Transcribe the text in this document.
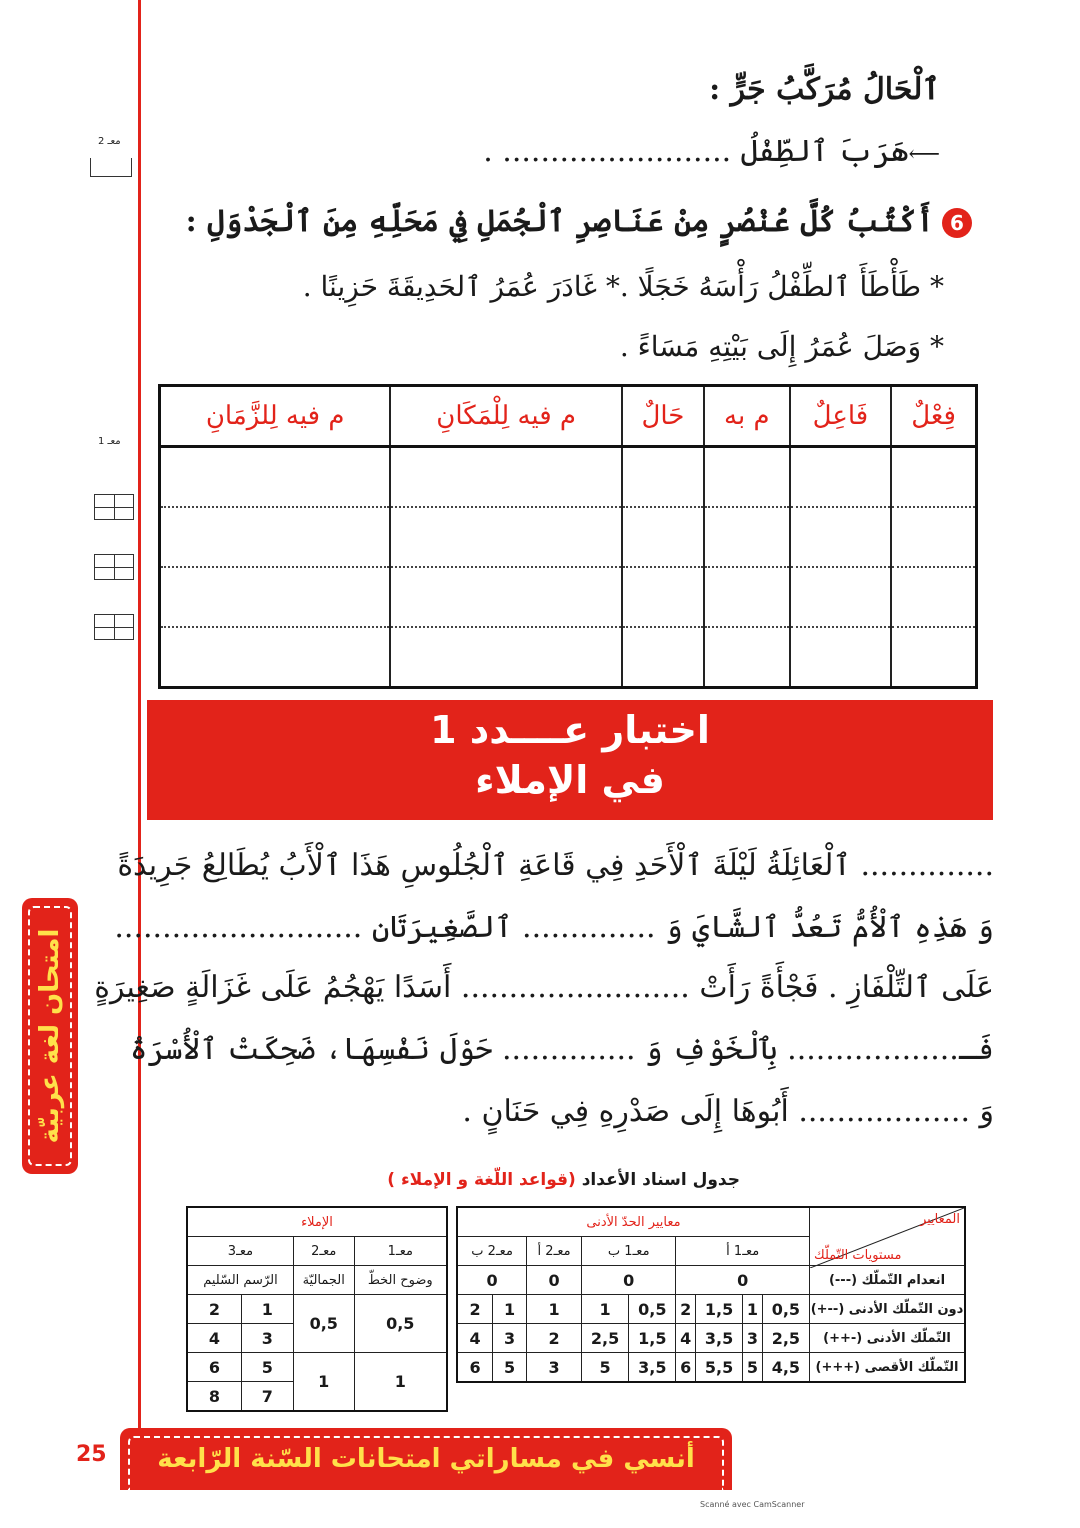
معـ 2
معـ 1
ٱلْحَالُ مُرَكَّبُ جَرٍّ :
⟵هَرَبَ ٱلطِّفْلُ ........................ .
6
أَكْتُبُ كُلَّ عُنْصُرٍ مِنْ عَنَاصِرِ ٱلْجُمَلِ فِي مَحَلِّهِ مِنَ ٱلْجَدْوَلِ :
* طَأْطَأَ ٱلطِّفْلُ رَأْسَهُ خَجَلًا .* غَادَرَ عُمَرُ ٱلحَدِيقَةَ حَزِينًا .
* وَصَلَ عُمَرُ إِلَى بَيْتِهِ مَسَاءً .
فِعْلٌ	فَاعِلٌ	م به	حَالٌ	م فيه لِلْمَكَانِ	م فيه لِلزَّمَانِ

اختبار عــــدد 1
في الإملاء
.............. ٱلْعَائِلَةُ لَيْلَةَ ٱلْأَحَدِ فِي قَاعَةِ ٱلْجُلُوسِ هَذَا ٱلْأَبُ يُطَالِعُ جَرِيدَةً
وَ هَذِهِ ٱلْأُمُّ تَعُدُّ ٱلشَّايَ وَ .............. ٱلصَّغِيرَتَانِ ..........................
عَلَى ٱلتِّلْفَازِ . فَجْأَةً رَأَتْ ........................ أَسَدًا يَهْجُمُ عَلَى غَزَالَةٍ صَغِيرَةٍ
فَـ.................. بِٱلْخَوْفِ وَ .............. حَوْلَ نَفْسِهَا، ضَحِكَتْ ٱلْأُسْرَةُ
وَ .................. أَبُوهَا إِلَى صَدْرِهِ فِي حَنَانٍ .
امتحان لغة عربيّة
جدول اسناد الأعداد (قواعد اللّغة و الإملاء )
المعايير
مستويات التّملّك	معايير الحدّ الأدنى								
	معـ1 أ				معـ1 ب		معـ2 أ	معـ2 ب	
انعدام التّملّك (---)	0				0		0	0	
دون التّملّك الأدنى (--+)	0,5	1	1,5	2	0,5	1	1	1	2
التّملّك الأدنى (-++)	2,5	3	3,5	4	1,5	2,5	2	3	4
التّملّك الأقصى (+++)	4,5	5	5,5	6	3,5	5	3	5	6
الإملاء			
معـ1	معـ2	معـ3	
وضوح الخطّ	الجماليّة	الرّسم السّليم	
0,5	0,5	1	2
		3	4
1	1	5	6
		7	8
25	أنسي في مساراتي امتحانات السّنة الرّابعة
Scanné avec CamScanner
